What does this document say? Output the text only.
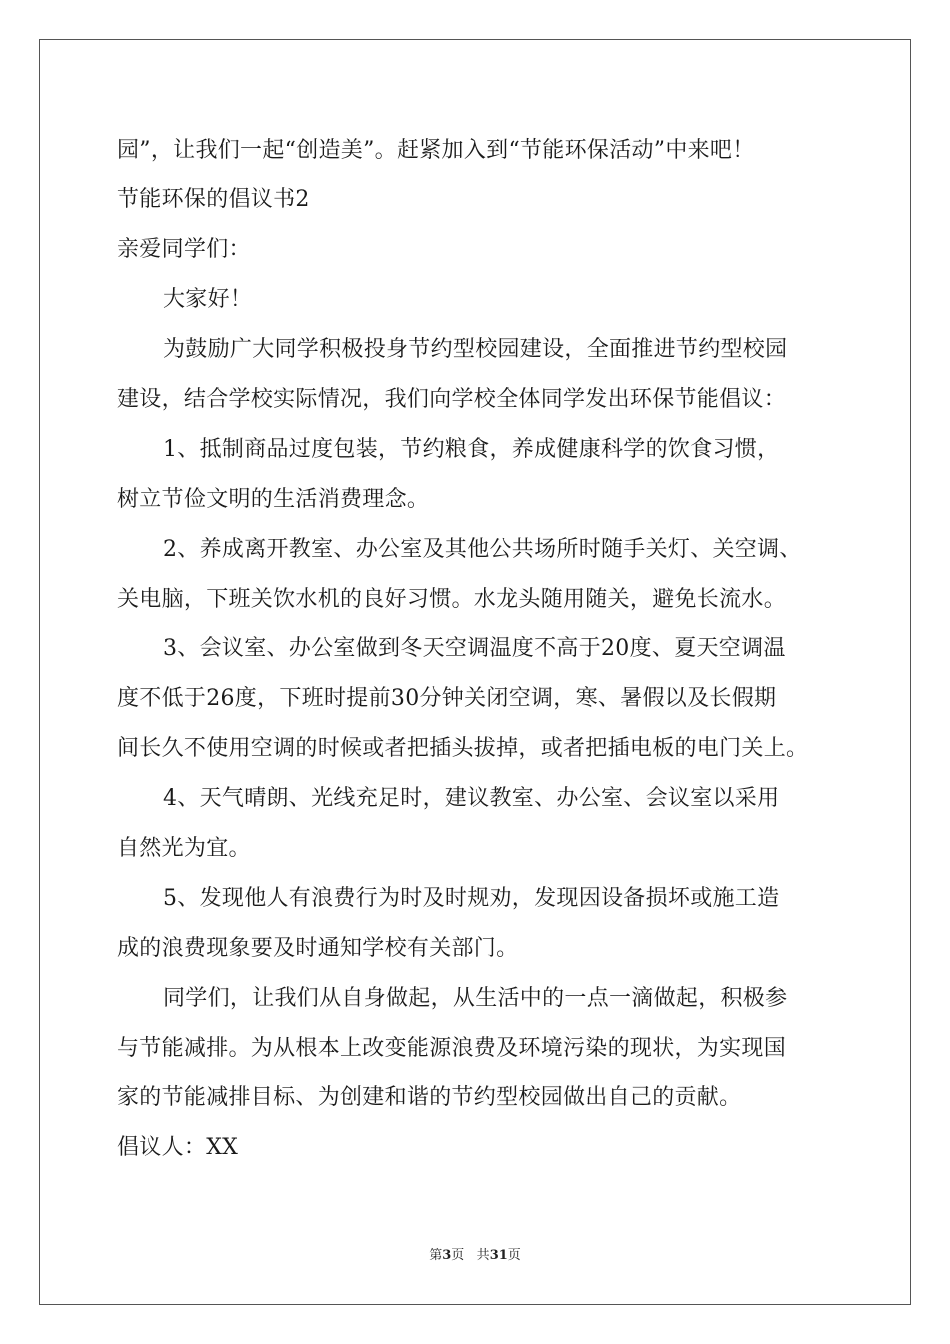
园”，让我们一起“创造美”。赶紧加入到“节能环保活动”中来吧！
节能环保的倡议书2
亲爱同学们：
大家好！
为鼓励广大同学积极投身节约型校园建设，全面推进节约型校园
建设，结合学校实际情况，我们向学校全体同学发出环保节能倡议：
1、抵制商品过度包装，节约粮食，养成健康科学的饮食习惯，
树立节俭文明的生活消费理念。
2、养成离开教室、办公室及其他公共场所时随手关灯、关空调、
关电脑，下班关饮水机的良好习惯。水龙头随用随关，避免长流水。
3、会议室、办公室做到冬天空调温度不高于20度、夏天空调温
度不低于26度，下班时提前30分钟关闭空调，寒、暑假以及长假期
间长久不使用空调的时候或者把插头拔掉，或者把插电板的电门关上。
4、天气晴朗、光线充足时，建议教室、办公室、会议室以采用
自然光为宜。
5、发现他人有浪费行为时及时规劝，发现因设备损坏或施工造
成的浪费现象要及时通知学校有关部门。
同学们，让我们从自身做起，从生活中的一点一滴做起，积极参
与节能减排。为从根本上改变能源浪费及环境污染的现状，为实现国
家的节能减排目标、为创建和谐的节约型校园做出自己的贡献。
倡议人：XX
第3页 共31页
